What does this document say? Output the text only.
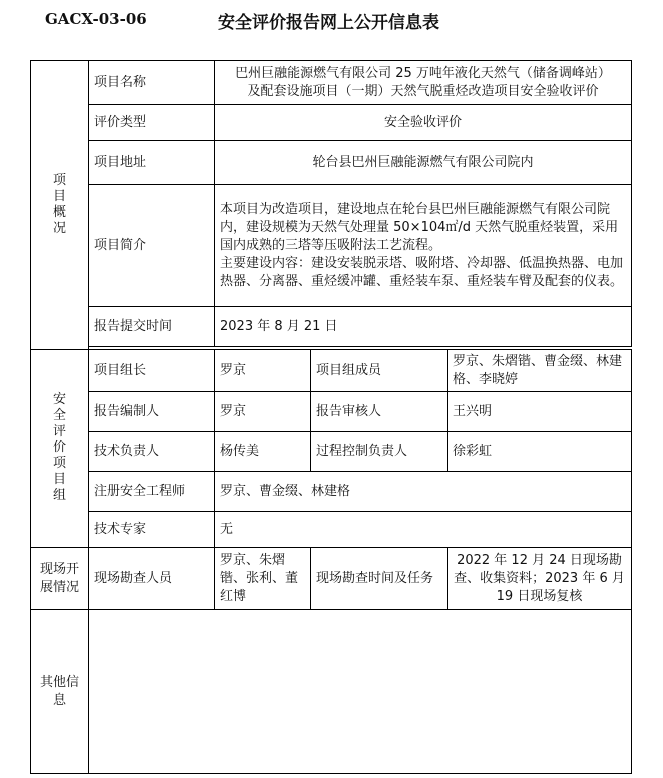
GACX-03-06	安全评价报告网上公开信息表
项目概况	项目名称	巴州巨融能源燃气有限公司 25 万吨年液化天然气（储备调峰站）
及配套设施项目（一期）天然气脱重烃改造项目安全验收评价		
	评价类型	安全验收评价		
	项目地址	轮台县巴州巨融能源燃气有限公司院内		
	项目简介	本项目为改造项目，建设地点在轮台县巴州巨融能源燃气有限公司院内，建设规模为天然气处理量 50×104㎡/d 天然气脱重烃装置，采用国内成熟的三塔等压吸附法工艺流程。
主要建设内容：建设安装脱汞塔、吸附塔、冷却器、低温换热器、电加热器、分离器、重烃缓冲罐、重烃装车泵、重烃装车臂及配套的仪表。		
	报告提交时间	2023 年 8 月 21 日		

安全评价项目组	项目组长	罗京	项目组成员	罗京、朱熠锴、曹金缀、林建格、李晓婷
	报告编制人	罗京	报告审核人	王兴明
	技术负责人	杨传美	过程控制负责人	徐彩虹
	注册安全工程师	罗京、曹金缀、林建格		
	技术专家	无		
现场开展情况	现场勘查人员	罗京、朱熠锴、张利、董红博	现场勘查时间及任务	2022 年 12 月 24 日现场勘查、收集资料；2023 年 6 月 19 日现场复核
其他信息				
